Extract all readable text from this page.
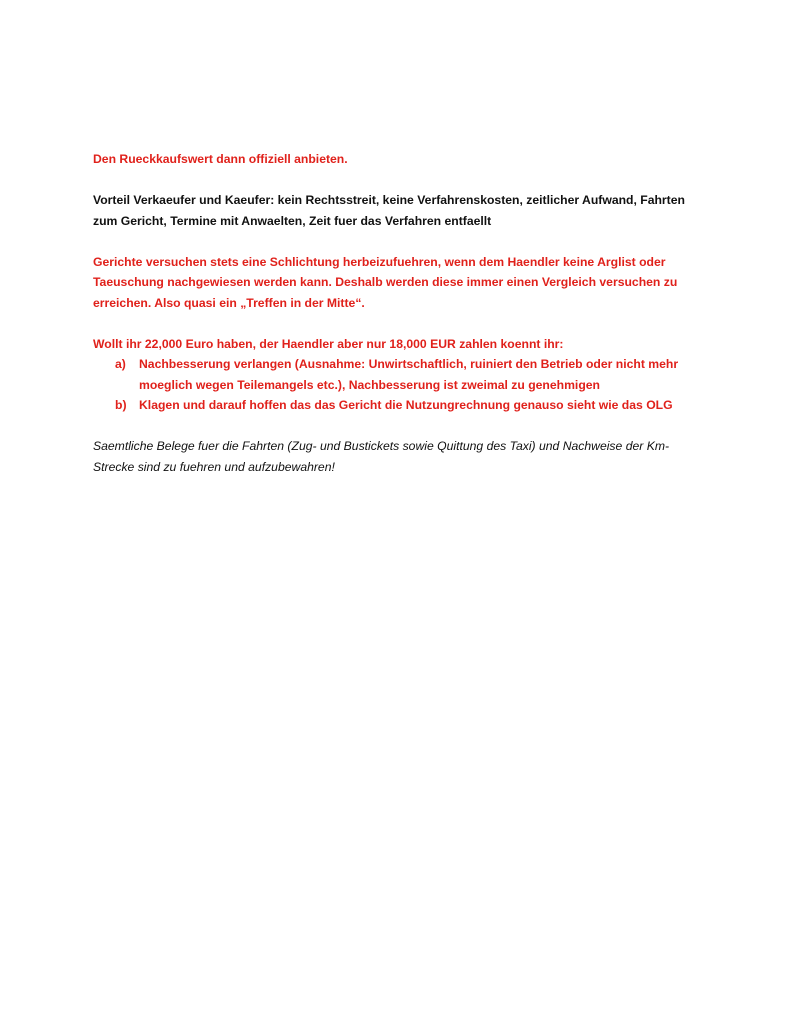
Den Rueckkaufswert dann offiziell anbieten.

Vorteil Verkaeufer und Kaeufer: kein Rechtsstreit, keine Verfahrenskosten, zeitlicher Aufwand, Fahrten zum Gericht, Termine mit Anwaelten, Zeit fuer das Verfahren entfaellt

Gerichte versuchen stets eine Schlichtung herbeizufuehren, wenn dem Haendler keine Arglist oder Taeuschung nachgewiesen werden kann. Deshalb werden diese immer einen Vergleich versuchen zu erreichen. Also quasi ein „Treffen in der Mitte“.

Wollt ihr 22,000 Euro haben, der Haendler aber nur 18,000 EUR zahlen koennt ihr:

a) Nachbesserung verlangen (Ausnahme: Unwirtschaftlich, ruiniert den Betrieb oder nicht mehr moeglich wegen Teilemangels etc.), Nachbesserung ist zweimal zu genehmigen
b) Klagen und darauf hoffen das das Gericht die Nutzungrechnung genauso sieht wie das OLG

Saemtliche Belege fuer die Fahrten (Zug- und Bustickets sowie Quittung des Taxi) und Nachweise der Km-Strecke sind zu fuehren und aufzubewahren!
